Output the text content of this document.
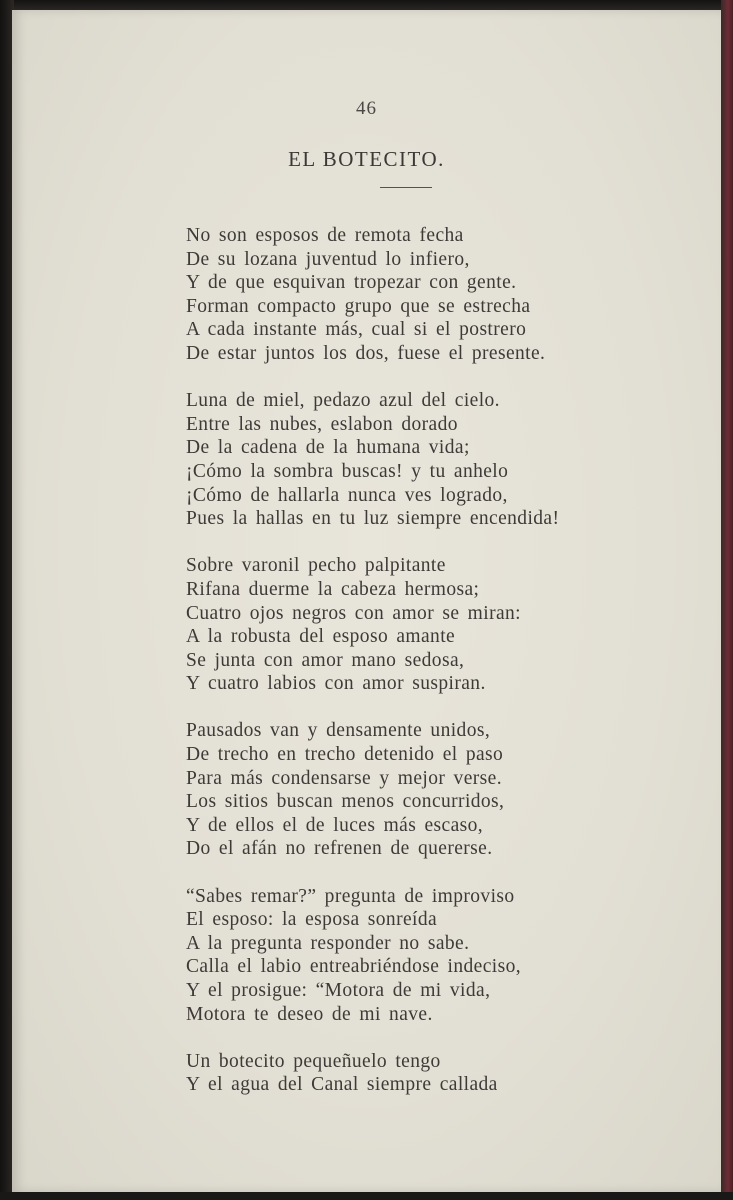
46

EL BOTECITO.

No son esposos de remota fecha
De su lozana juventud lo infiero,
Y de que esquivan tropezar con gente.
Forman compacto grupo que se estrecha
A cada instante más, cual si el postrero
De estar juntos los dos, fuese el presente.

Luna de miel, pedazo azul del cielo.
Entre las nubes, eslabon dorado
De la cadena de la humana vida;
¡Cómo la sombra buscas! y tu anhelo
¡Cómo de hallarla nunca ves logrado,
Pues la hallas en tu luz siempre encendida!

Sobre varonil pecho palpitante
Rifana duerme la cabeza hermosa;
Cuatro ojos negros con amor se miran:
A la robusta del esposo amante
Se junta con amor mano sedosa,
Y cuatro labios con amor suspiran.

Pausados van y densamente unidos,
De trecho en trecho detenido el paso
Para más condensarse y mejor verse.
Los sitios buscan menos concurridos,
Y de ellos el de luces más escaso,
Do el afán no refrenen de quererse.

“Sabes remar?” pregunta de improviso
El esposo: la esposa sonreída
A la pregunta responder no sabe.
Calla el labio entreabriéndose indeciso,
Y el prosigue: “Motora de mi vida,
Motora te deseo de mi nave.

Un botecito pequeñuelo tengo
Y el agua del Canal siempre callada
